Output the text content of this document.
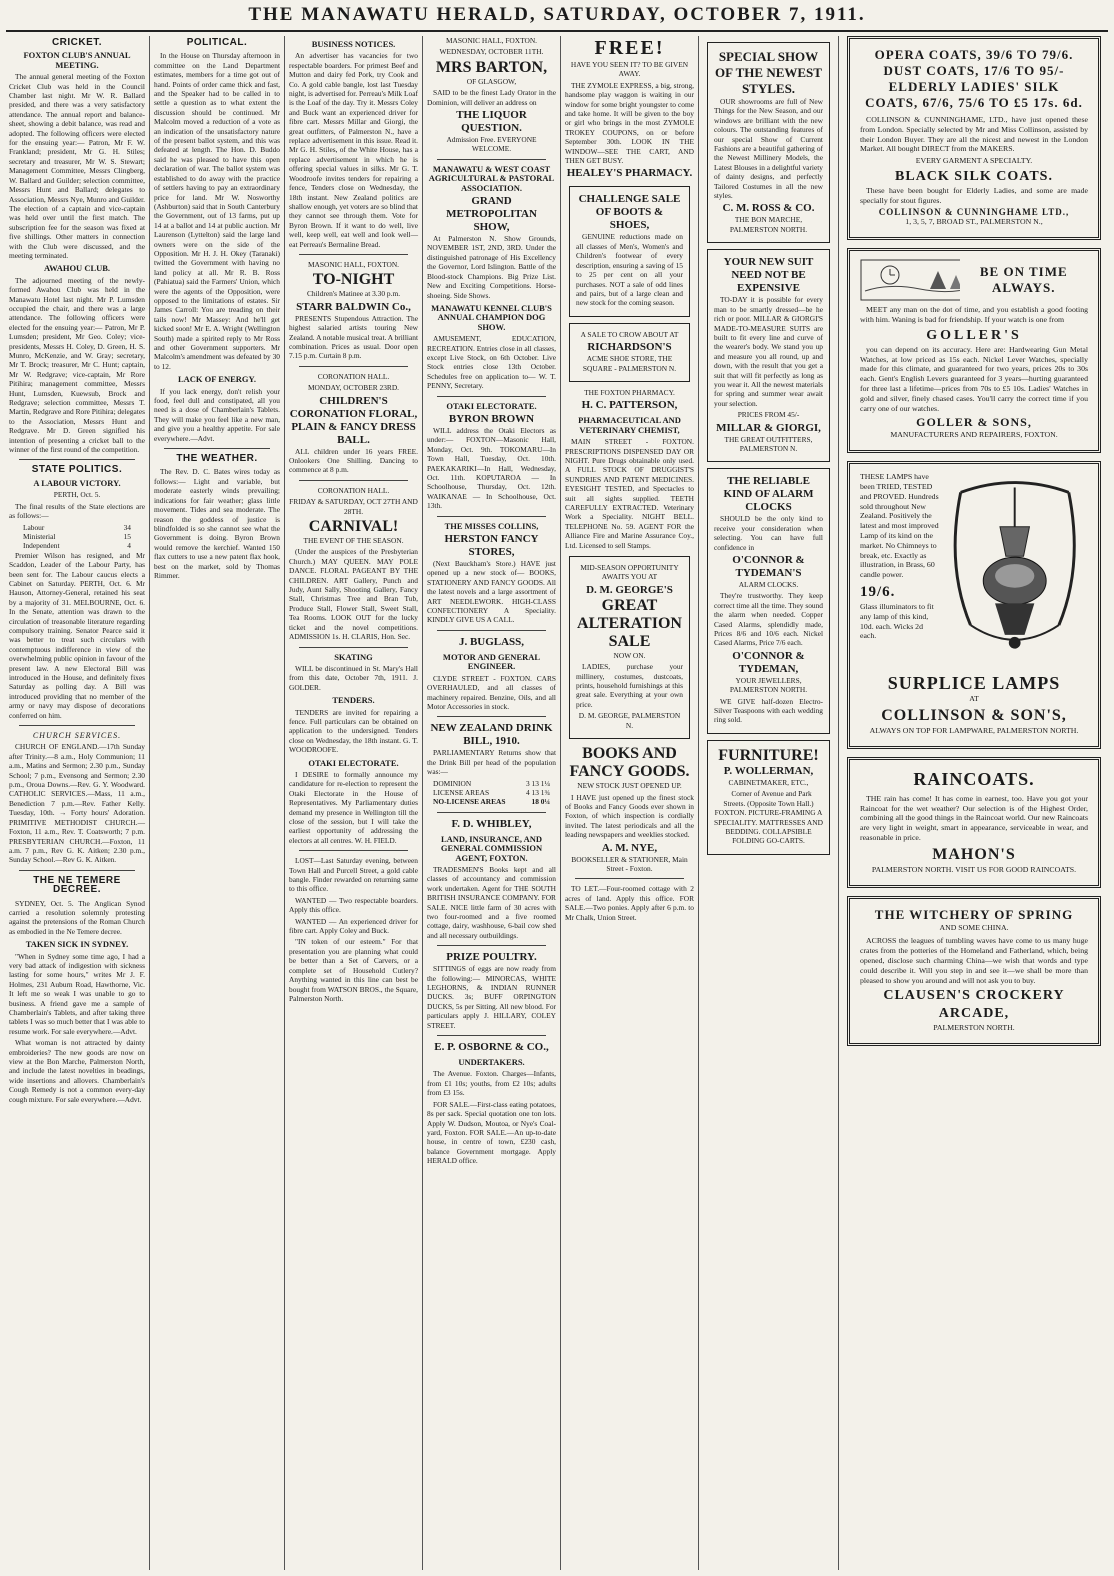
THE MANAWATU HERALD, SATURDAY, OCTOBER 7, 1911.
CRICKET.
FOXTON CLUB'S ANNUAL MEETING.

The annual general meeting of the Foxton Cricket Club was held in the Council Chamber last night. Mr W. R. Ballard presided, and there was a very satisfactory attendance. The annual report and balance-sheet, showing a debit balance, was read and adopted. The following officers were elected for the ensuing year:— Patron, Mr F. W. Frankland; president, Mr G. H. Stiles; secretary and treasurer, Mr W. S. Stewart; Management Committee, Messrs Clingberg, W. Ballard and Guilder; selection committee, Messrs Hunt and Ballard; delegates to Association, Messrs Nye, Munro and Guilder. The election of a captain and vice-captain was held over until the first match. The subscription fee for the season was fixed at five shillings. Other matters in connection with the Club were discussed, and the meeting terminated.

AWAHOU CLUB.

The adjourned meeting of the newly-formed Awahou Club was held in the Manawatu Hotel last night. Mr P. Lumsden occupied the chair, and there was a large attendance. The following officers were elected for the ensuing year:— Patron, Mr P. Lumsden; president, Mr Geo. Coley; vice-presidents, Messrs H. Coley, D. Green, H. S. Munro, McKenzie, and W. Gray; secretary, Mr T. Brock; treasurer, Mr C. Hunt; captain, Mr W. Redgrave; vice-captain, Mr Rore Pitihira; management committee, Messrs Hunt, Lumsden, Kuewsub, Brock and Redgrave; selection committee, Messrs T. Martin, Redgrave and Rore Pitihira; delegates to the Association, Messrs Hunt and Redgrave. Mr D. Green signified his intention of presenting a cricket ball to the winner of the first round of the competition.

STATE POLITICS.
A LABOUR VICTORY.

PERTH, Oct. 5.

The final results of the State elections are as follows:—

Labour	34
Ministerial	15
Independent	4

Premier Wilson has resigned, and Mr Scaddon, Leader of the Labour Party, has been sent for. The Labour caucus elects a Cabinet on Saturday. PERTH, Oct. 6. Mr Hauson, Attorney-General, retained his seat by a majority of 31. MELBOURNE, Oct. 6. In the Senate, attention was drawn to the circulation of treasonable literature regarding compulsory training. Senator Pearce said it was better to treat such circulars with contemptuous indifference in view of the overwhelming public opinion in favour of the present law. A new Electoral Bill was introduced in the House, and definitely fixes Saturday as polling day. A Bill was introduced providing that no member of the army or navy may dispose of decorations conferred on him.

CHURCH SERVICES.

CHURCH OF ENGLAND.—17th Sunday after Trinity.—8 a.m., Holy Communion; 11 a.m., Matins and Sermon; 2.30 p.m., Sunday School; 7 p.m., Evensong and Sermon; 2.30 p.m., Oroua Downs.—Rev. G. Y. Woodward. CATHOLIC SERVICES.—Mass, 11 a.m., Benediction 7 p.m.—Rev. Father Kelly. Tuesday, 10th. → Forty hours' Adoration. PRIMITIVE METHODIST CHURCH.—Foxton, 11 a.m., Rev. T. Coatsworth; 7 p.m. PRESBYTERIAN CHURCH.—Foxton, 11 a.m. 7 p.m., Rev G. K. Aitken; 2.30 p.m., Sunday School.—Rev G. K. Aitken.

THE NE TEMERE DECREE.

SYDNEY, Oct. 5. The Anglican Synod carried a resolution solemnly protesting against the pretensions of the Roman Church as embodied in the Ne Temere decree.

TAKEN SICK IN SYDNEY.

"When in Sydney some time ago, I had a very bad attack of indigestion with sickness lasting for some hours," writes Mr J. F. Holmes, 231 Auburn Road, Hawthorne, Vic. It left me so weak I was unable to go to business. A friend gave me a sample of Chamberlain's Tablets, and after taking three tablets I was so much better that I was able to resume work. For sale everywhere.—Advt.

What woman is not attracted by dainty embroideries? The new goods are now on view at the Bon Marche, Palmerston North, and include the latest novelties in beadings, wide insertions and allovers. Chamberlain's Cough Remedy is not a common every-day cough mixture. For sale everywhere.—Advt.

POLITICAL.

In the House on Thursday afternoon in committee on the Land Department estimates, members for a time got out of hand. Points of order came thick and fast, and the Speaker had to be called in to settle a question as to what extent the discussion should be continued. Mr Malcolm moved a reduction of a vote as an indication of the unsatisfactory nature of the present ballot system, and this was defeated at length. The Hon. D. Buddo said he was pleased to have this open declaration of war. The ballot system was established to do away with the practice of settlers having to pay an extraordinary price for land. Mr W. Nosworthy (Ashburton) said that in South Canterbury the Government, out of 13 farms, put up 14 at a ballot and 14 at public auction. Mr Laurenson (Lyttelton) said the large land owners were on the side of the Opposition. Mr H. J. H. Okey (Taranaki) twitted the Government with having no land policy at all. Mr R. B. Ross (Pahiatua) said the Farmers' Union, which were the agents of the Opposition, were opposed to the limitations of estates. Sir James Carroll: You are treading on their tails now! Mr Massey: And he'll get kicked soon! Mr E. A. Wright (Wellington South) made a spirited reply to Mr Ross and other Government supporters. Mr Malcolm's amendment was defeated by 30 to 12.

LACK OF ENERGY.

If you lack energy, don't relish your food, feel dull and constipated, all you need is a dose of Chamberlain's Tablets. They will make you feel like a new man, and give you a healthy appetite. For sale everywhere.—Advt.

THE WEATHER.

The Rev. D. C. Bates wires today as follows:— Light and variable, but moderate easterly winds prevailing; indications for fair weather; glass little movement. Tides and sea moderate. The reason the goddess of justice is blindfolded is so she cannot see what the Government is doing. Byron Brown would remove the kerchief. Wanted 150 flax cutters to use a new patent flax hook, best on the market, sold by Thomas Rimmer.

BUSINESS NOTICES.

An advertiser has vacancies for two respectable boarders. For primest Beef and Mutton and dairy fed Pork, try Cook and Co. A gold cable bangle, lost last Tuesday night, is advertised for. Perreau's Milk Loaf is the Loaf of the day. Try it. Messrs Coley and Buck want an experienced driver for fibre cart. Messrs Millar and Giorgi, the great outfitters, of Palmerston N., have a replace advertisement in this issue. Read it. Mr G. H. Stiles, of the White House, has a replace advertisement in which he is offering special values in silks. Mr G. T. Woodroofe invites tenders for repairing a fence, Tenders close on Wednesday, the 18th instant. New Zealand politics are shallow enough, yet voters are so blind that they cannot see through them. Vote for Byron Brown. If it want to do well, live well, keep well, eat well and look well—eat Perreau's Bermaline Bread.

MASONIC HALL, FOXTON.

TO-NIGHT

Children's Matinee at 3.30 p.m.

STARR BALDWIN Co.,

PRESENTS Stupendous Attraction. The highest salaried artists touring New Zealand. A notable musical treat. A brilliant combination. Prices as usual. Door open 7.15 p.m. Curtain 8 p.m.

CORONATION HALL.

MONDAY, OCTOBER 23RD.

CHILDREN'S CORONATION FLORAL, PLAIN & FANCY DRESS BALL.

ALL children under 16 years FREE. Onlookers One Shilling. Dancing to commence at 8 p.m.

CORONATION HALL.

FRIDAY & SATURDAY, OCT 27TH AND 28TH.

CARNIVAL!

THE EVENT OF THE SEASON.

(Under the auspices of the Presbyterian Church.) MAY QUEEN. MAY POLE DANCE. FLORAL PAGEANT BY THE CHILDREN. ART Gallery, Punch and Judy, Aunt Sally, Shooting Gallery, Fancy Stall, Christmas Tree and Bran Tub, Produce Stall, Flower Stall, Sweet Stall, Tea Rooms. LOOK OUT for the lucky ticket and the novel competitions. ADMISSION 1s. H. CLARIS, Hon. Sec.

SKATING

WILL be discontinued in St. Mary's Hall from this date, October 7th, 1911. J. GOLDER.

TENDERS.

TENDERS are invited for repairing a fence. Full particulars can be obtained on application to the undersigned. Tenders close on Wednesday, the 18th instant. G. T. WOODROOFE.

OTAKI ELECTORATE.

I DESIRE to formally announce my candidature for re-election to represent the Otaki Electorate in the House of Representatives. My Parliamentary duties demand my presence in Wellington till the close of the session, but I will take the earliest opportunity of addressing the electors at all centres. W. H. FIELD.

LOST—Last Saturday evening, between Town Hall and Purcell Street, a gold cable bangle. Finder rewarded on returning same to this office.

WANTED — Two respectable boarders. Apply this office.

WANTED — An experienced driver for fibre cart. Apply Coley and Buck.

"IN token of our esteem." For that presentation you are planning what could be better than a Set of Carvers, or a complete set of Household Cutlery? Anything wanted in this line can best be bought from WATSON BROS., the Square, Palmerston North.

MASONIC HALL, FOXTON.

WEDNESDAY, OCTOBER 11TH.

MRS BARTON,

OF GLASGOW,

SAID to be the finest Lady Orator in the Dominion, will deliver an address on

THE LIQUOR QUESTION.

Admission Free. EVERYONE WELCOME.

MANAWATU & WEST COAST AGRICULTURAL & PASTORAL ASSOCIATION.
GRAND METROPOLITAN SHOW,

At Palmerston N. Show Grounds, NOVEMBER 1ST, 2ND, 3RD. Under the distinguished patronage of His Excellency the Governor, Lord Islington. Battle of the Blood-stock Champions. Big Prize List. New and Exciting Competitions. Horse-shoeing. Side Shows.

MANAWATU KENNEL CLUB'S ANNUAL CHAMPION DOG SHOW.

AMUSEMENT, EDUCATION, RECREATION. Entries close in all classes, except Live Stock, on 6th October. Live Stock entries close 13th October. Schedules free on application to— W. T. PENNY, Secretary.

OTAKI ELECTORATE.
BYRON BROWN

WILL address the Otaki Electors as under:— FOXTON—Masonic Hall, Monday, Oct. 9th. TOKOMARU—In Town Hall, Tuesday, Oct. 10th. PAEKAKARIKI—In Hall, Wednesday, Oct. 11th. KOPUTAROA — In Schoolhouse, Thursday, Oct. 12th. WAIKANAE — In Schoolhouse, Oct. 13th.

THE MISSES COLLINS,
HERSTON FANCY STORES,

(Next Bauckham's Store.) HAVE just opened up a new stock of— BOOKS, STATIONERY AND FANCY GOODS. All the latest novels and a large assortment of ART NEEDLEWORK. HIGH-CLASS CONFECTIONERY A Speciality. KINDLY GIVE US A CALL.

J. BUGLASS,
MOTOR AND GENERAL ENGINEER.

CLYDE STREET - FOXTON. CARS OVERHAULED, and all classes of machinery repaired. Benzine, Oils, and all Motor Accessories in stock.

NEW ZEALAND DRINK BILL, 1910.

PARLIAMENTARY Returns show that the Drink Bill per head of the population was:—

DOMINION	3 13 1¼
LICENSE AREAS	4 13 1¾
NO-LICENSE AREAS	18 0¼
F. D. WHIBLEY,
LAND, INSURANCE, AND GENERAL COMMISSION AGENT, FOXTON.

TRADESMEN'S Books kept and all classes of accountancy and commission work undertaken. Agent for THE SOUTH BRITISH INSURANCE COMPANY. FOR SALE. NICE little farm of 30 acres with two four-roomed and a five roomed cottage, dairy, washhouse, 6-bail cow shed and all necessary outbuildings.

PRIZE POULTRY.

SITTINGS of eggs are now ready from the following:— MINORCAS, WHITE LEGHORNS, & INDIAN RUNNER DUCKS. 3s; BUFF ORPINGTON DUCKS, 5s per Sitting. All new blood. For particulars apply J. HILLARY, COLEY STREET.

E. P. OSBORNE & CO.,
UNDERTAKERS.

The Avenue. Foxton. Charges—Infants, from £1 10s; youths, from £2 10s; adults from £3 15s.

FOR SALE.—First-class eating potatoes, 8s per sack. Special quotation one ton lots. Apply W. Dudson, Moutoa, or Nye's Coal-yard, Foxton. FOR SALE.—An up-to-date house, in centre of town, £230 cash, balance Government mortgage. Apply HERALD office.

FREE!

HAVE YOU SEEN IT? TO BE GIVEN AWAY.

THE ZYMOLE EXPRESS, a big, strong, handsome play waggon is waiting in our window for some bright youngster to come and take home. It will be given to the boy or girl who brings in the most ZYMOLE TROKEY COUPONS, on or before September 30th. LOOK IN THE WINDOW—SEE THE CART, AND THEN GET BUSY.

HEALEY'S PHARMACY.
CHALLENGE SALE OF BOOTS & SHOES,

GENUINE reductions made on all classes of Men's, Women's and Children's footwear of every description, ensuring a saving of 15 to 25 per cent on all your purchases. NOT a sale of odd lines and pairs, but of a large clean and new stock for the coming season.

A SALE TO CROW ABOUT AT

RICHARDSON'S

ACME SHOE STORE, THE SQUARE - PALMERSTON N.

THE FOXTON PHARMACY.

H. C. PATTERSON,
PHARMACEUTICAL AND VETERINARY CHEMIST,

MAIN STREET - FOXTON. PRESCRIPTIONS DISPENSED DAY OR NIGHT. Pure Drugs obtainable only used. A FULL STOCK OF DRUGGIST'S SUNDRIES AND PATENT MEDICINES. EYESIGHT TESTED, and Spectacles to suit all sights supplied. TEETH CAREFULLY EXTRACTED. Veterinary Work a Speciality. NIGHT BELL. TELEPHONE No. 59. AGENT FOR the Alliance Fire and Marine Assurance Coy., Ltd. Licensed to sell Stamps.

MID-SEASON OPPORTUNITY AWAITS YOU AT

D. M. GEORGE'S
GREAT ALTERATION SALE

NOW ON.

LADIES, purchase your millinery, costumes, dustcoats, prints, household furnishings at this great sale. Everything at your own price.

D. M. GEORGE, PALMERSTON N.

BOOKS AND FANCY GOODS.

NEW STOCK JUST OPENED UP.

I HAVE just opened up the finest stock of Books and Fancy Goods ever shown in Foxton, of which inspection is cordially invited. The latest periodicals and all the leading newspapers and weeklies stocked.

A. M. NYE,

BOOKSELLER & STATIONER, Main Street - Foxton.

TO LET.—Four-roomed cottage with 2 acres of land. Apply this office. FOR SALE.—Two ponies. Apply after 6 p.m. to Mr Chalk, Union Street.

SPECIAL SHOW OF THE NEWEST STYLES.

OUR showrooms are full of New Things for the New Season, and our windows are brilliant with the new colours. The outstanding features of our special Show of Current Fashions are a beautiful gathering of the Newest Millinery Models, the Latest Blouses in a delightful variety of dainty designs, and perfectly Tailored Costumes in all the new styles.

C. M. ROSS & CO.

THE BON MARCHE, PALMERSTON NORTH.

YOUR NEW SUIT NEED NOT BE EXPENSIVE

TO-DAY it is possible for every man to be smartly dressed—be he rich or poor. MILLAR & GIORGI'S MADE-TO-MEASURE SUITS are built to fit every line and curve of the wearer's body. We stand you up and measure you all round, up and down, with the result that you get a suit that will fit perfectly as long as you wear it. All the newest materials for spring and summer wear await your selection.

PRICES FROM 45/-

MILLAR & GIORGI,

THE GREAT OUTFITTERS, PALMERSTON N.

THE RELIABLE KIND OF ALARM CLOCKS

SHOULD be the only kind to receive your consideration when selecting. You can have full confidence in

O'CONNOR & TYDEMAN'S

ALARM CLOCKS.

They're trustworthy. They keep correct time all the time. They sound the alarm when needed. Copper Cased Alarms, splendidly made, Prices 8/6 and 10/6 each. Nickel Cased Alarms, Price 7/6 each.

O'CONNOR & TYDEMAN,

YOUR JEWELLERS, PALMERSTON NORTH.

WE GIVE half-dozen Electro-Silver Teaspoons with each wedding ring sold.

FURNITURE!
P. WOLLERMAN,

CABINETMAKER, ETC.,

Corner of Avenue and Park Streets. (Opposite Town Hall.) FOXTON. PICTURE-FRAMING A SPECIALITY. MATTRESSES AND BEDDING. COLLAPSIBLE FOLDING GO-CARTS.

OPERA COATS, 39/6 TO 79/6.
DUST COATS, 17/6 TO 95/-
ELDERLY LADIES' SILK COATS, 67/6, 75/6 TO £5 17s. 6d.

COLLINSON & CUNNINGHAME, LTD., have just opened these from London. Specially selected by Mr and Miss Collinson, assisted by their London Buyer. They are all the nicest and newest in the London Market. All bought DIRECT from the MAKERS.

EVERY GARMENT A SPECIALTY.

BLACK SILK COATS.

These have been bought for Elderly Ladies, and some are made specially for stout figures.

COLLINSON & CUNNINGHAME LTD.,

1, 3, 5, 7, BROAD ST., PALMERSTON N.,

BE ON TIME ALWAYS.

MEET any man on the dot of time, and you establish a good footing with him. Waning is bad for friendship. If your watch is one from

GOLLER'S

you can depend on its accuracy. Here are: Hardwearing Gun Metal Watches, at low priced as 15s each. Nickel Lever Watches, specially made for this climate, and guaranteed for two years, prices 20s to 30s each. Gent's English Levers guaranteed for 3 years—hurting guaranteed for three last a lifetime—prices from 70s to £5 10s. Ladies' Watches in gold and silver, finely chased cases. You'll carry the correct time if you carry one of our watches.

GOLLER & SONS,

MANUFACTURERS AND REPAIRERS, FOXTON.

THESE LAMPS have been TRIED, TESTED and PROVED. Hundreds sold throughout New Zealand. Positively the latest and most improved Lamp of its kind on the market. No Chimneys to break, etc. Exactly as illustration, in Brass, 60 candle power.

19/6.

Glass illuminators to fit any lamp of this kind, 10d. each. Wicks 2d each.

SURPLICE LAMPS

AT

COLLINSON & SON'S,

ALWAYS ON TOP FOR LAMPWARE, PALMERSTON NORTH.

RAINCOATS.

THE rain has come! It has come in earnest, too. Have you got your Raincoat for the wet weather? Our selection is of the Highest Order, combining all the good things in the Raincoat world. Our new Raincoats are very light in weight, smart in appearance, serviceable in wear, and reasonable in price.

MAHON'S

PALMERSTON NORTH. VISIT US FOR GOOD RAINCOATS.

THE WITCHERY OF SPRING

AND SOME CHINA.

ACROSS the leagues of tumbling waves have come to us many huge crates from the potteries of the Homeland and Fatherland, which, being opened, disclose such charming China—we wish that words and type could describe it. Will you step in and see it—we shall be more than pleased to show you around and will not ask you to buy.

CLAUSEN'S CROCKERY ARCADE,

PALMERSTON NORTH.
